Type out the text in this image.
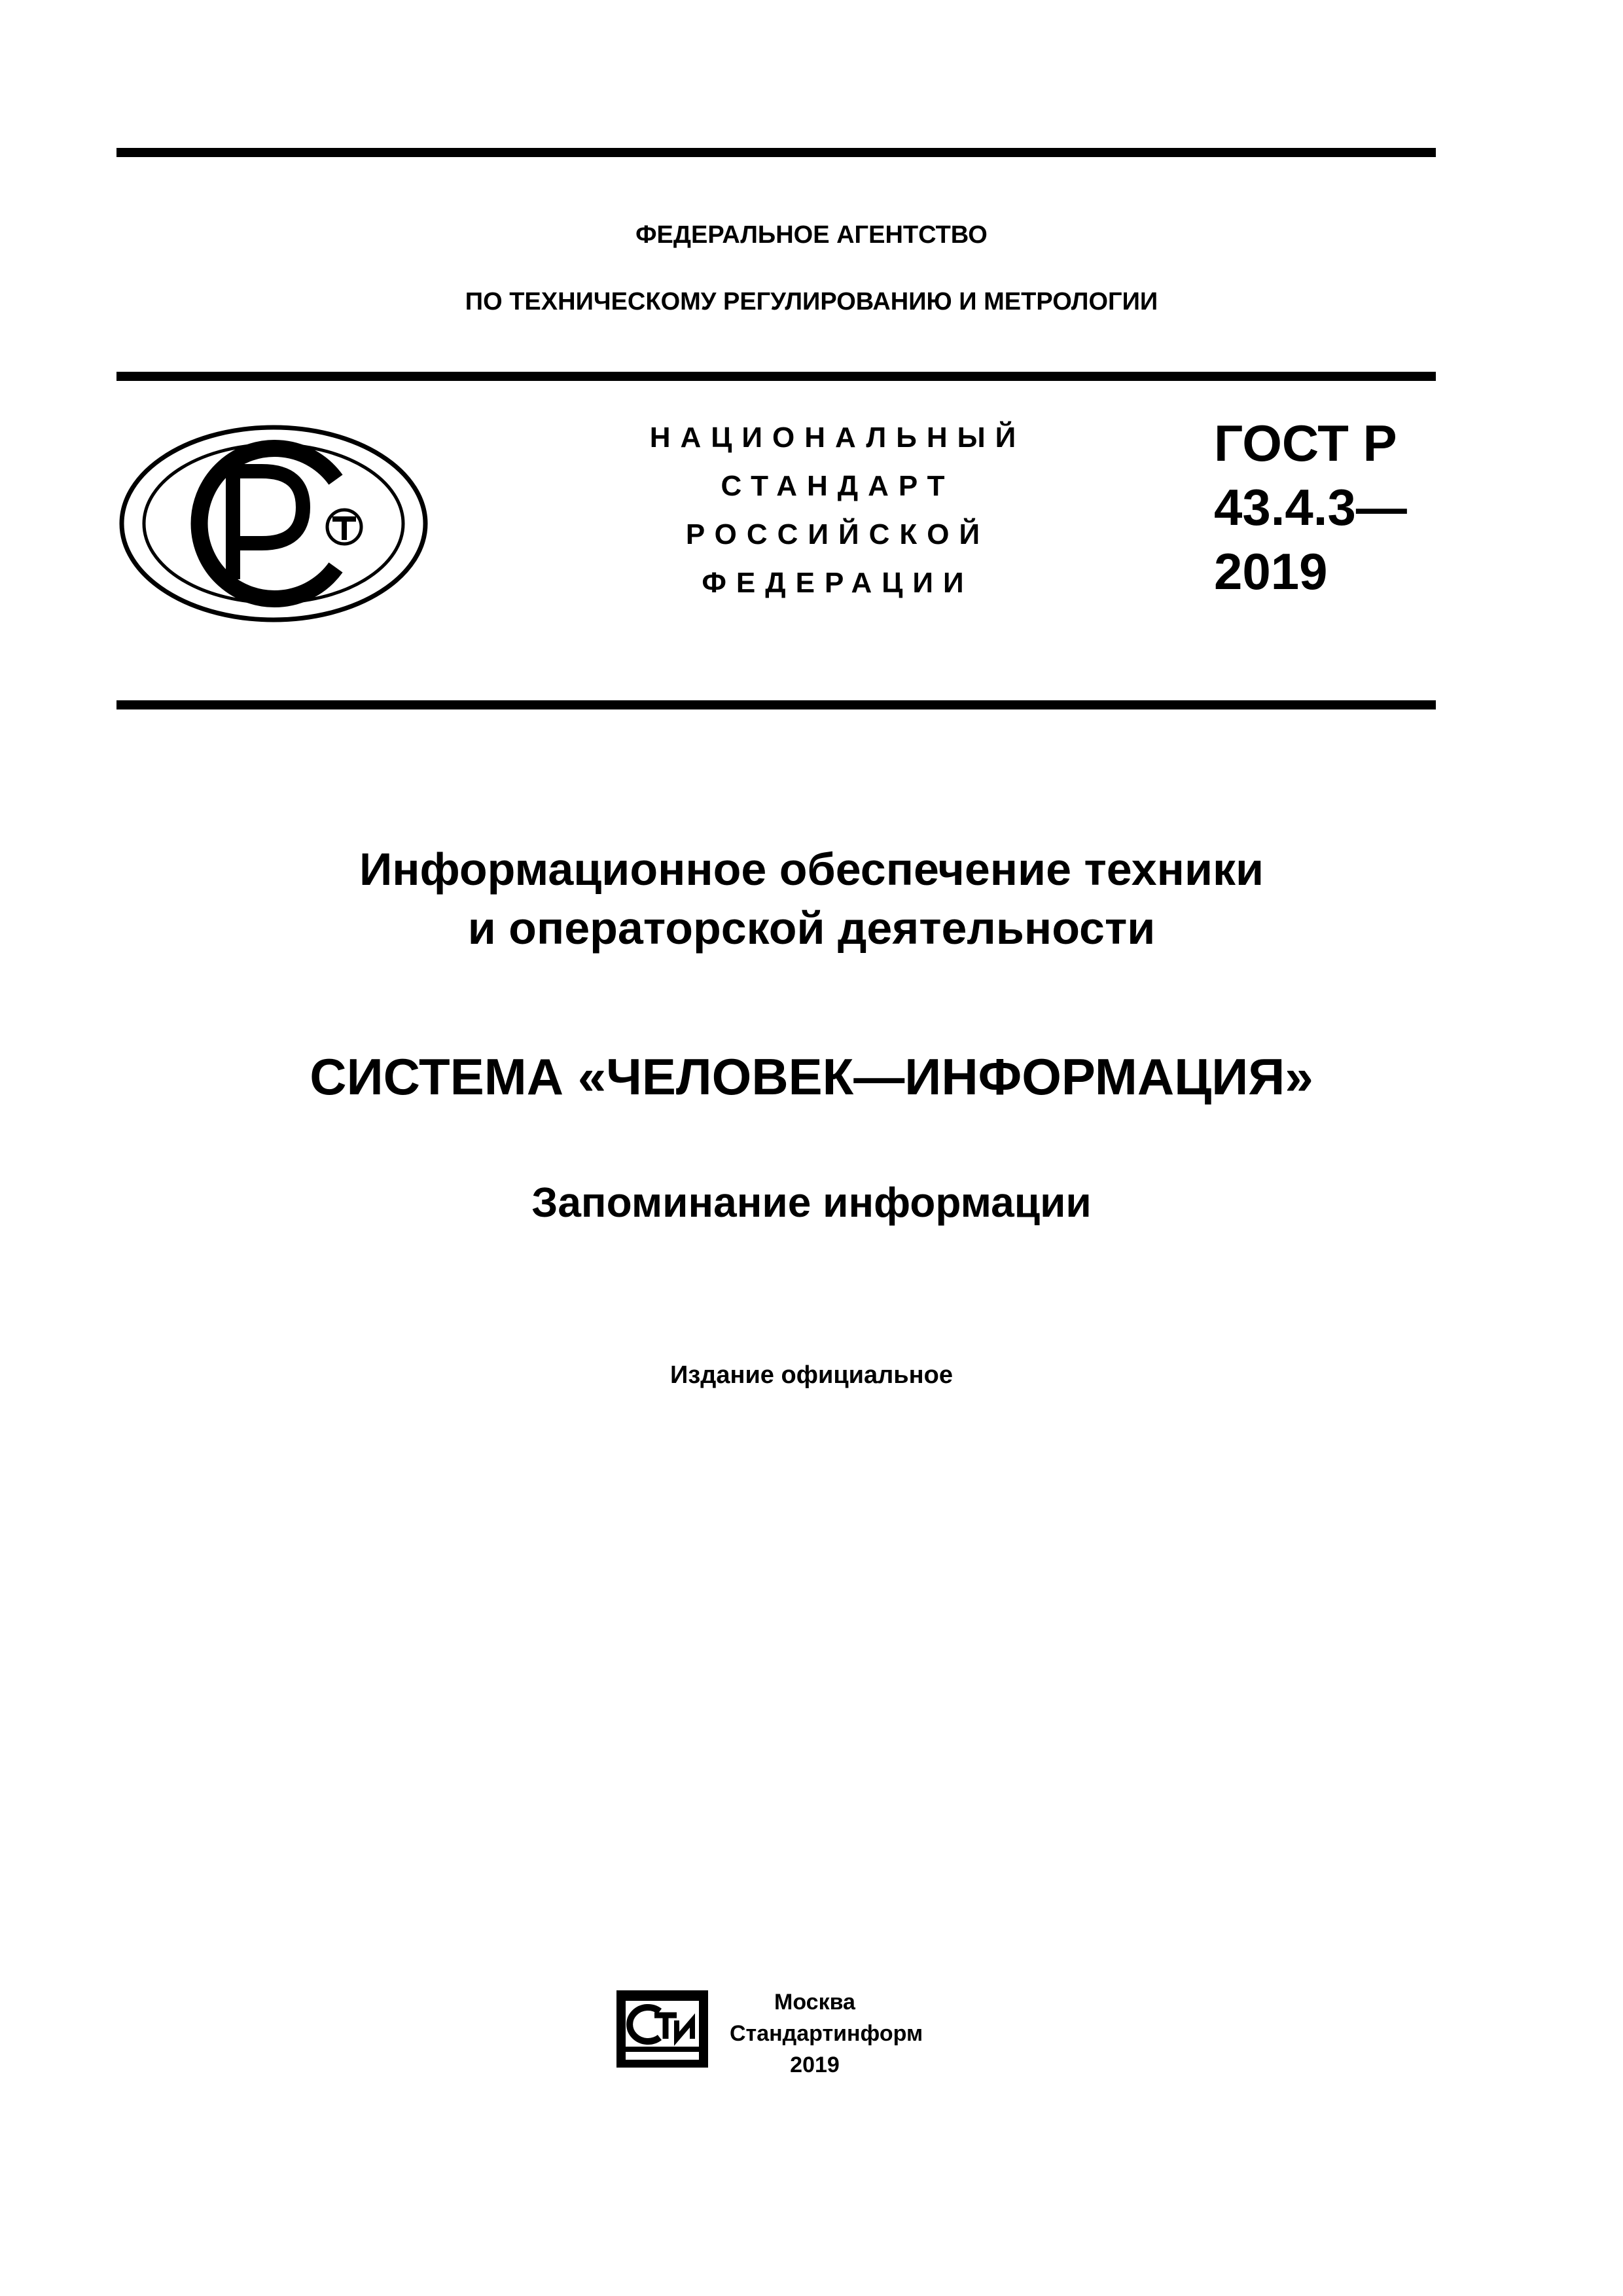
ФЕДЕРАЛЬНОЕ АГЕНТСТВО
ПО ТЕХНИЧЕСКОМУ РЕГУЛИРОВАНИЮ И МЕТРОЛОГИИ
НАЦИОНАЛЬНЫЙ
СТАНДАРТ
РОССИЙСКОЙ
ФЕДЕРАЦИИ
ГОСТ Р
43.4.3—
2019
Информационное обеспечение техники
и операторской деятельности
СИСТЕМА «ЧЕЛОВЕК—ИНФОРМАЦИЯ»
Запоминание информации
Издание официальное
Москва
Стандартинформ
2019
